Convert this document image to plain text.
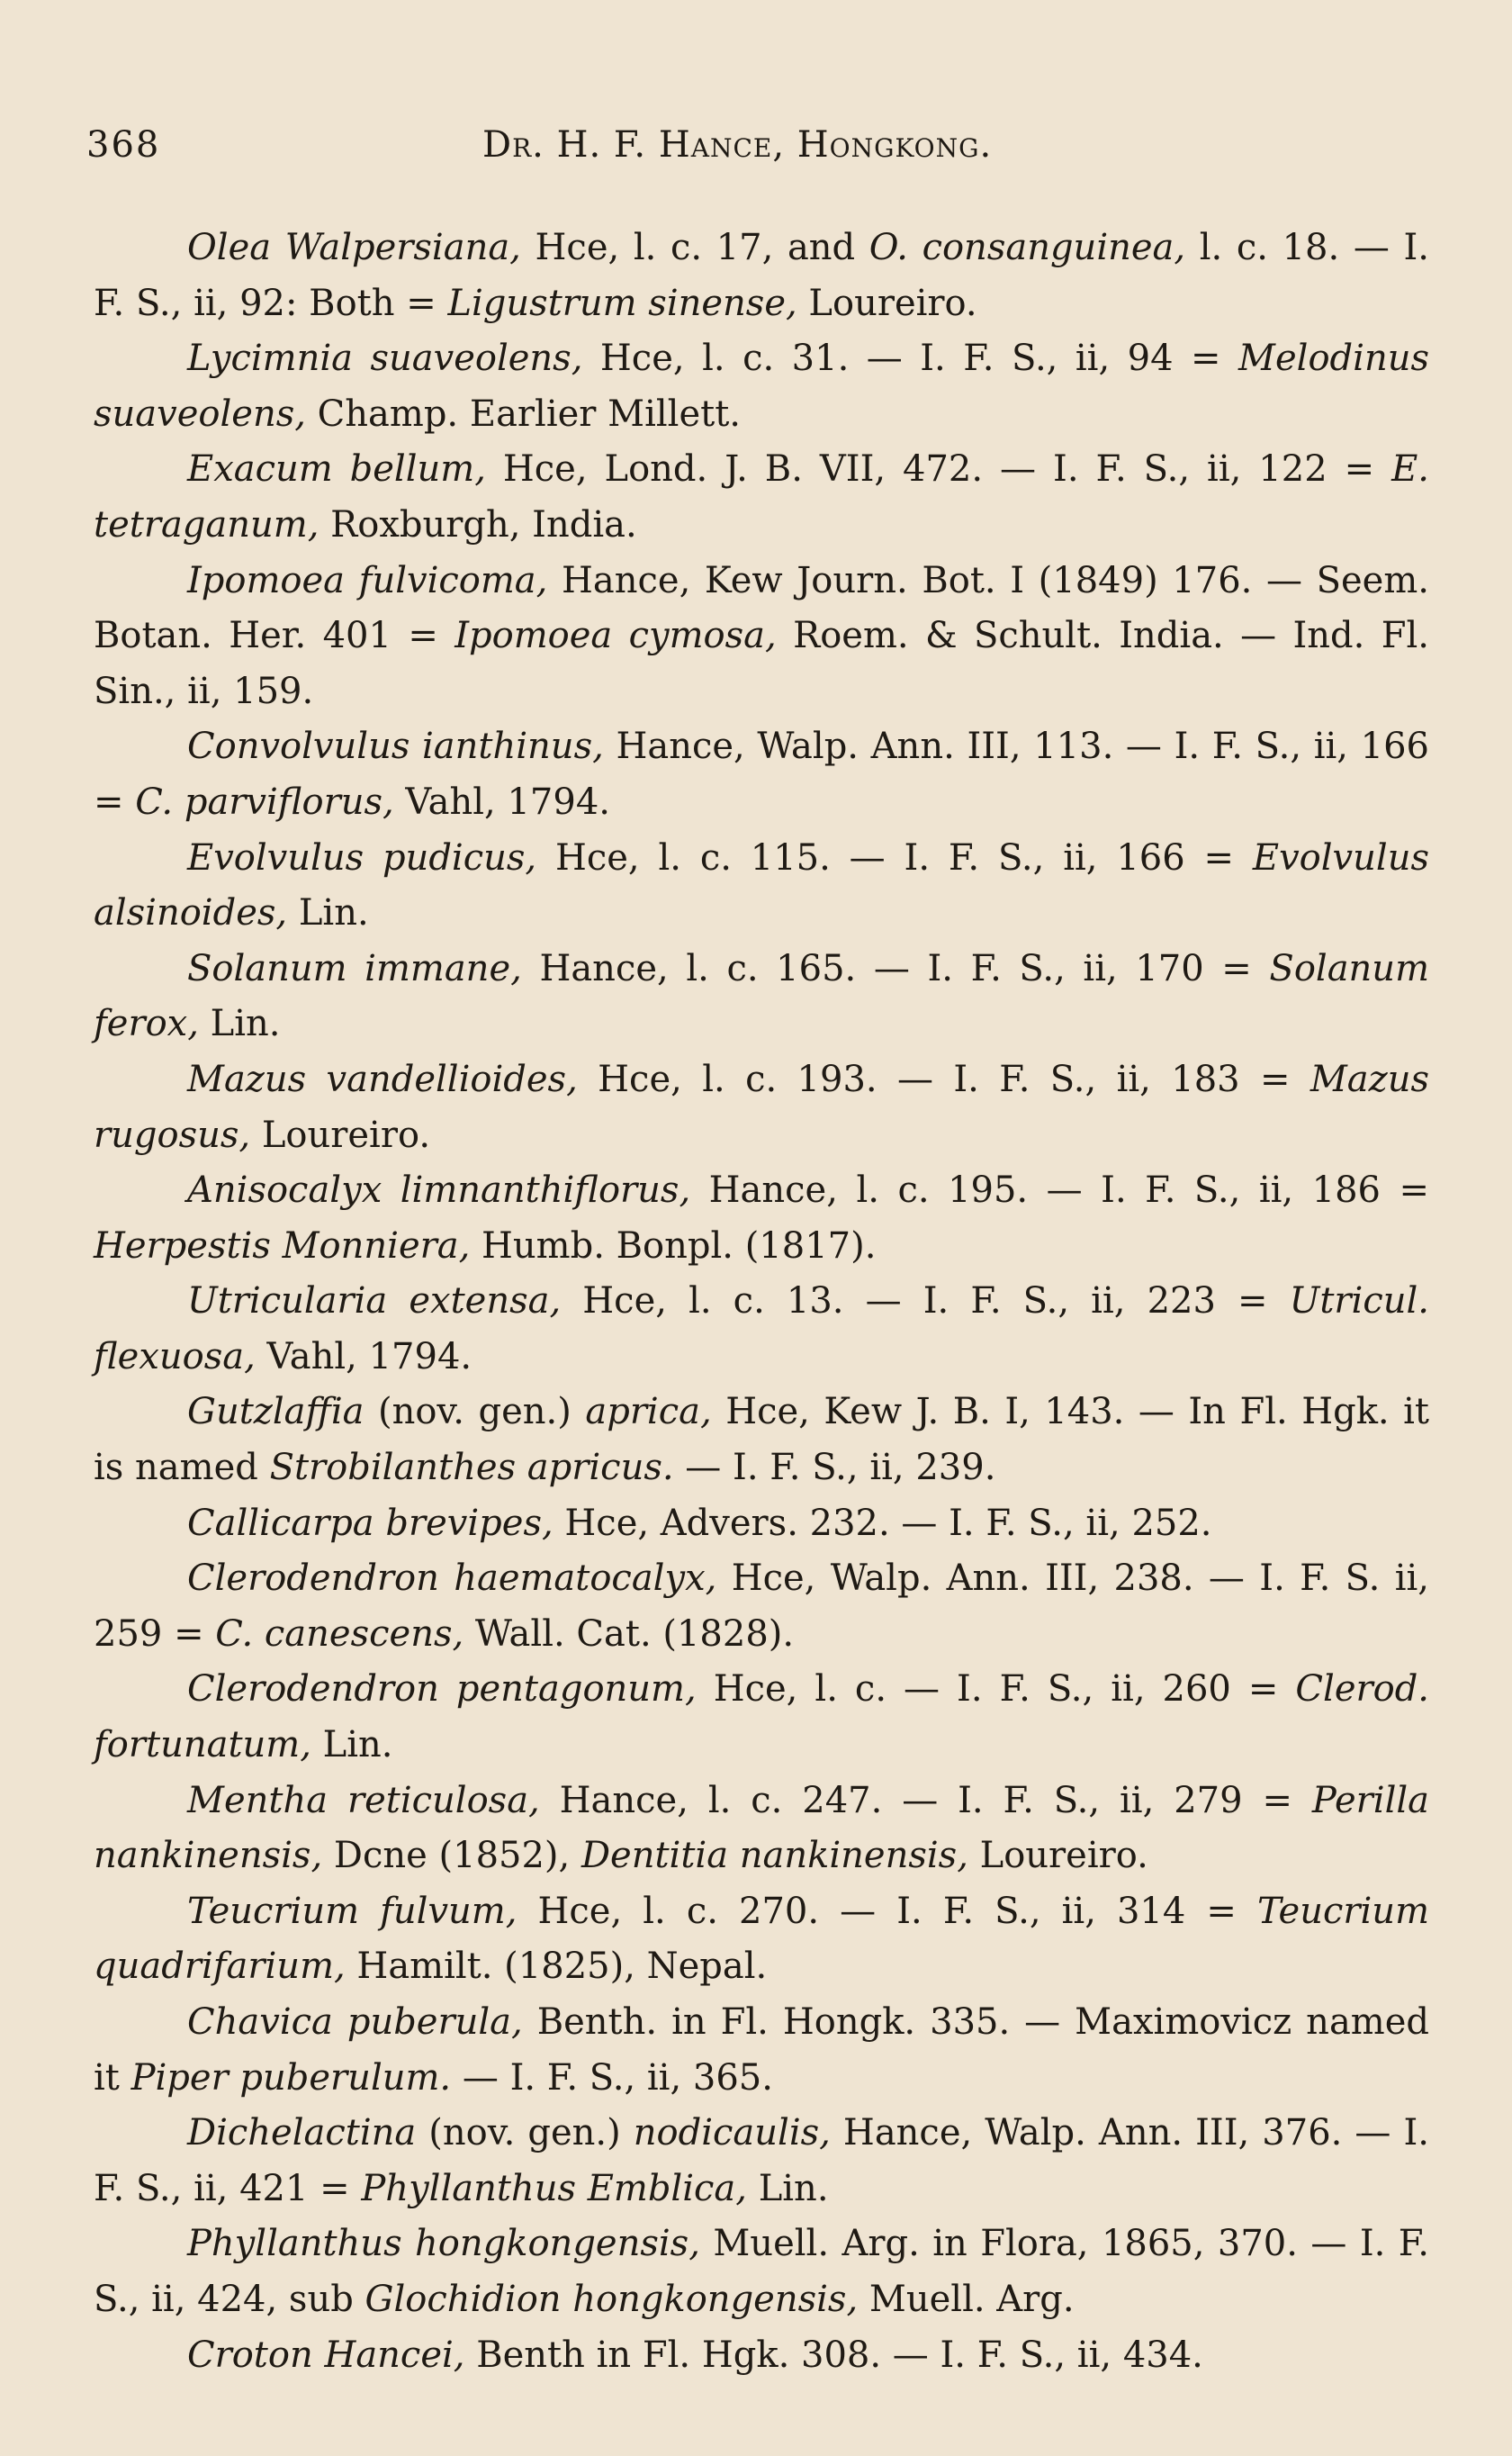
368	Dr. H. F. Hance, Hongkong.

Olea Walpersiana, Hce, l. c. 17, and O. consanguinea, l. c. 18. — I. F. S., ii, 92: Both = Ligustrum sinense, Loureiro.

Lycimnia suaveolens, Hce, l. c. 31. — I. F. S., ii, 94 = Melodinus suaveolens, Champ. Earlier Millett.

Exacum bellum, Hce, Lond. J. B. VII, 472. — I. F. S., ii, 122 = E. tetraganum, Roxburgh, India.

Ipomoea fulvicoma, Hance, Kew Journ. Bot. I (1849) 176. — Seem. Botan. Her. 401 = Ipomoea cymosa, Roem. & Schult. India. — Ind. Fl. Sin., ii, 159.

Convolvulus ianthinus, Hance, Walp. Ann. III, 113. — I. F. S., ii, 166 = C. parviflorus, Vahl, 1794.

Evolvulus pudicus, Hce, l. c. 115. — I. F. S., ii, 166 = Evolvulus alsinoides, Lin.

Solanum immane, Hance, l. c. 165. — I. F. S., ii, 170 = Solanum ferox, Lin.

Mazus vandellioides, Hce, l. c. 193. — I. F. S., ii, 183 = Mazus rugosus, Loureiro.

Anisocalyx limnanthiflorus, Hance, l. c. 195. — I. F. S., ii, 186 = Herpestis Monniera, Humb. Bonpl. (1817).

Utricularia extensa, Hce, l. c. 13. — I. F. S., ii, 223 = Utricul. flexuosa, Vahl, 1794.

Gutzlaffia (nov. gen.) aprica, Hce, Kew J. B. I, 143. — In Fl. Hgk. it is named Strobilanthes apricus. — I. F. S., ii, 239.

Callicarpa brevipes, Hce, Advers. 232. — I. F. S., ii, 252.

Clerodendron haematocalyx, Hce, Walp. Ann. III, 238. — I. F. S. ii, 259 = C. canescens, Wall. Cat. (1828).

Clerodendron pentagonum, Hce, l. c. — I. F. S., ii, 260 = Clerod. fortunatum, Lin.

Mentha reticulosa, Hance, l. c. 247. — I. F. S., ii, 279 = Perilla nankinensis, Dcne (1852), Dentitia nankinensis, Loureiro.

Teucrium fulvum, Hce, l. c. 270. — I. F. S., ii, 314 = Teucrium quadrifarium, Hamilt. (1825), Nepal.

Chavica puberula, Benth. in Fl. Hongk. 335. — Maximovicz named it Piper puberulum. — I. F. S., ii, 365.

Dichelactina (nov. gen.) nodicaulis, Hance, Walp. Ann. III, 376. — I. F. S., ii, 421 = Phyllanthus Emblica, Lin.

Phyllanthus hongkongensis, Muell. Arg. in Flora, 1865, 370. — I. F. S., ii, 424, sub Glochidion hongkongensis, Muell. Arg.

Croton Hancei, Benth in Fl. Hgk. 308. — I. F. S., ii, 434.
